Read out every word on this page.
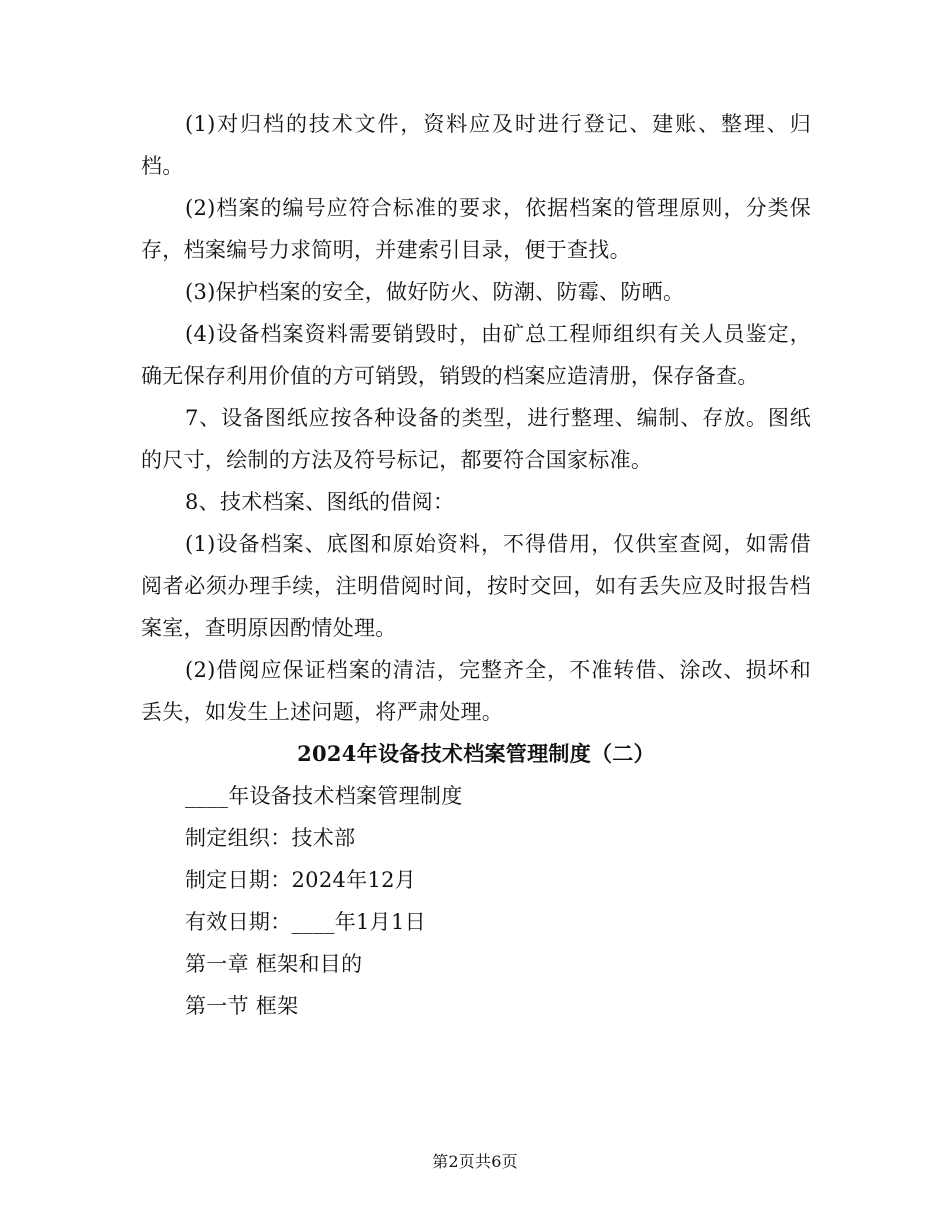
(1)对归档的技术文件，资料应及时进行登记、建账、整理、归档。

(2)档案的编号应符合标准的要求，依据档案的管理原则，分类保存，档案编号力求简明，并建索引目录，便于查找。

(3)保护档案的安全，做好防火、防潮、防霉、防晒。

(4)设备档案资料需要销毁时，由矿总工程师组织有关人员鉴定，确无保存利用价值的方可销毁，销毁的档案应造清册，保存备查。

7、设备图纸应按各种设备的类型，进行整理、编制、存放。图纸的尺寸，绘制的方法及符号标记，都要符合国家标准。

8、技术档案、图纸的借阅：

(1)设备档案、底图和原始资料，不得借用，仅供室查阅，如需借阅者必须办理手续，注明借阅时间，按时交回，如有丢失应及时报告档案室，查明原因酌情处理。

(2)借阅应保证档案的清洁，完整齐全，不准转借、涂改、损坏和丢失，如发生上述问题，将严肃处理。

2024年设备技术档案管理制度（二）

____年设备技术档案管理制度

制定组织：技术部

制定日期：2024年12月

有效日期：____年1月1日

第一章 框架和目的

第一节 框架

第2页共6页
